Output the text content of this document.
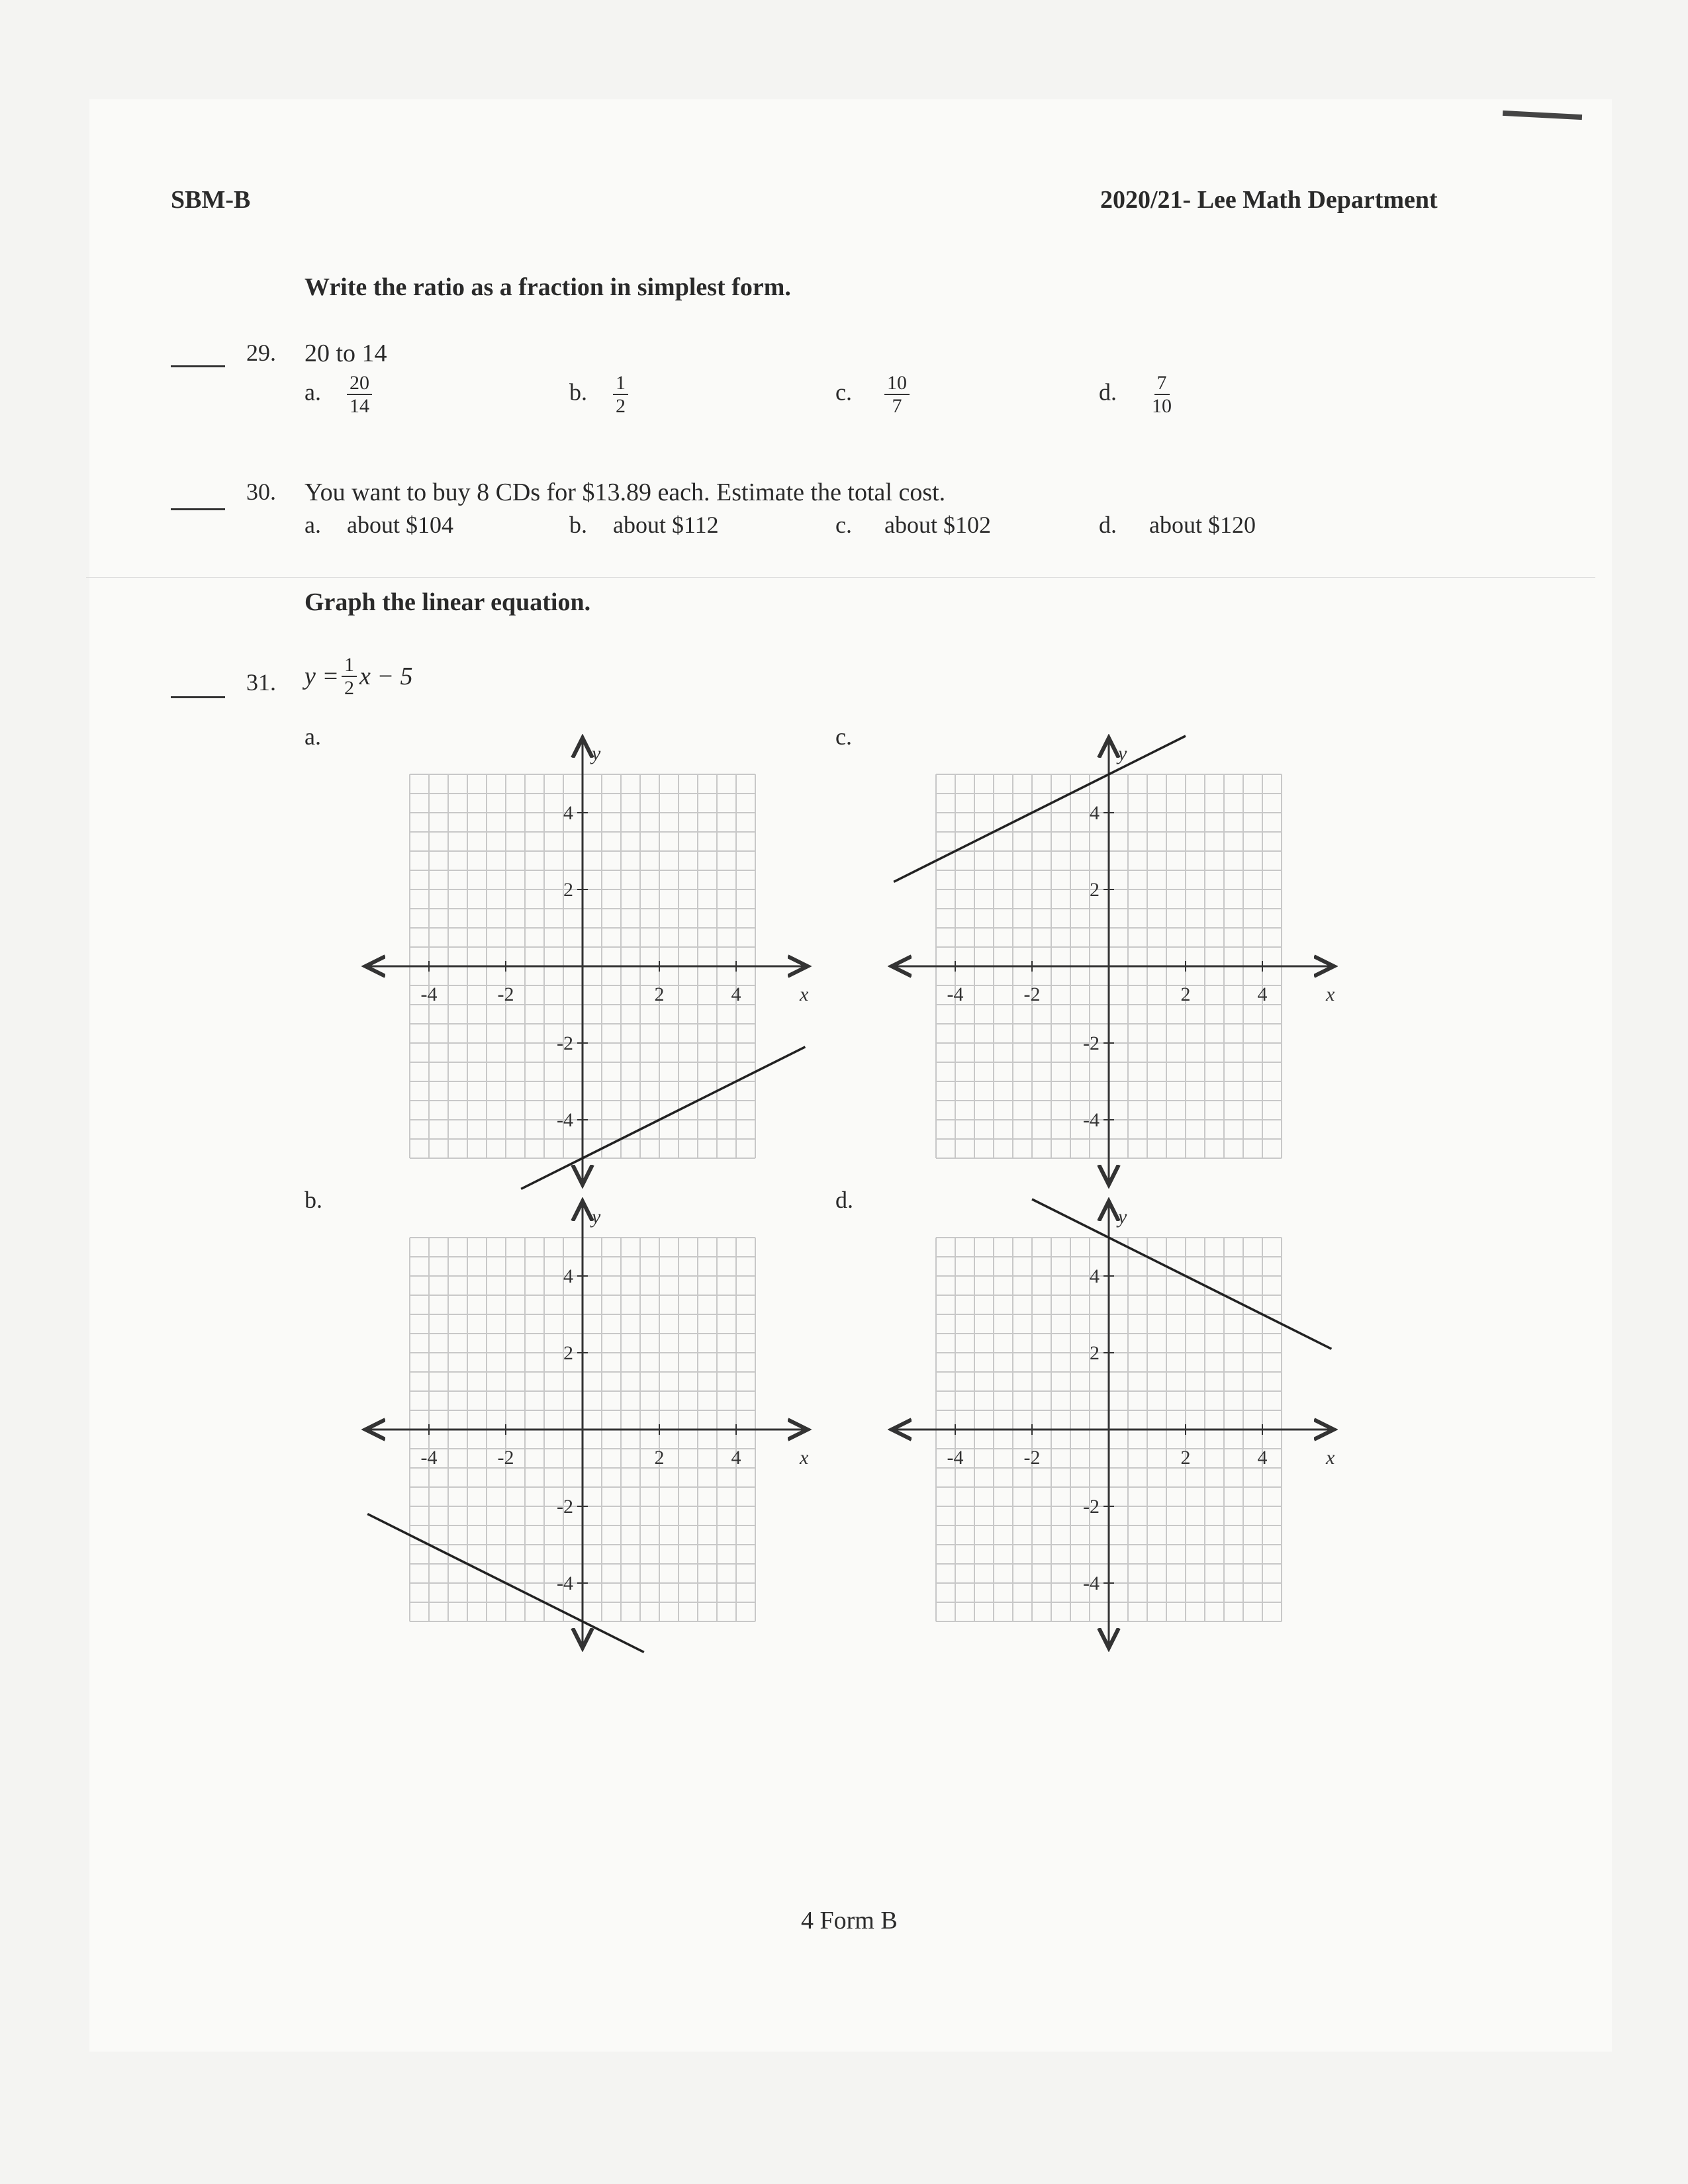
SBM-B	2020/21- Lee Math Department
Write the ratio as a fraction in simplest form.
29. 20 to 14
a. $\frac{20}{14}$	b. $\frac{1}{2}$	c. $\frac{10}{7}$	d. $\frac{7}{10}$
30. You want to buy 8 CDs for $13.89 each. Estimate the total cost.
a. about $104	b. about $112	c. about $102	d. about $120
Graph the linear equation.
31. $y = \frac{1}{2}$ x − 5
a.	c.
b.	d.
x
y
-4	-2	2	4
4
2
-2
-4
x
y
-4	-2	2	4
4
2
-2
-4
x
y
-4	-2	2	4
4
2
-2
-4
x
y
-4	-2	2	4
4
2
-2
-4
4 Form B
